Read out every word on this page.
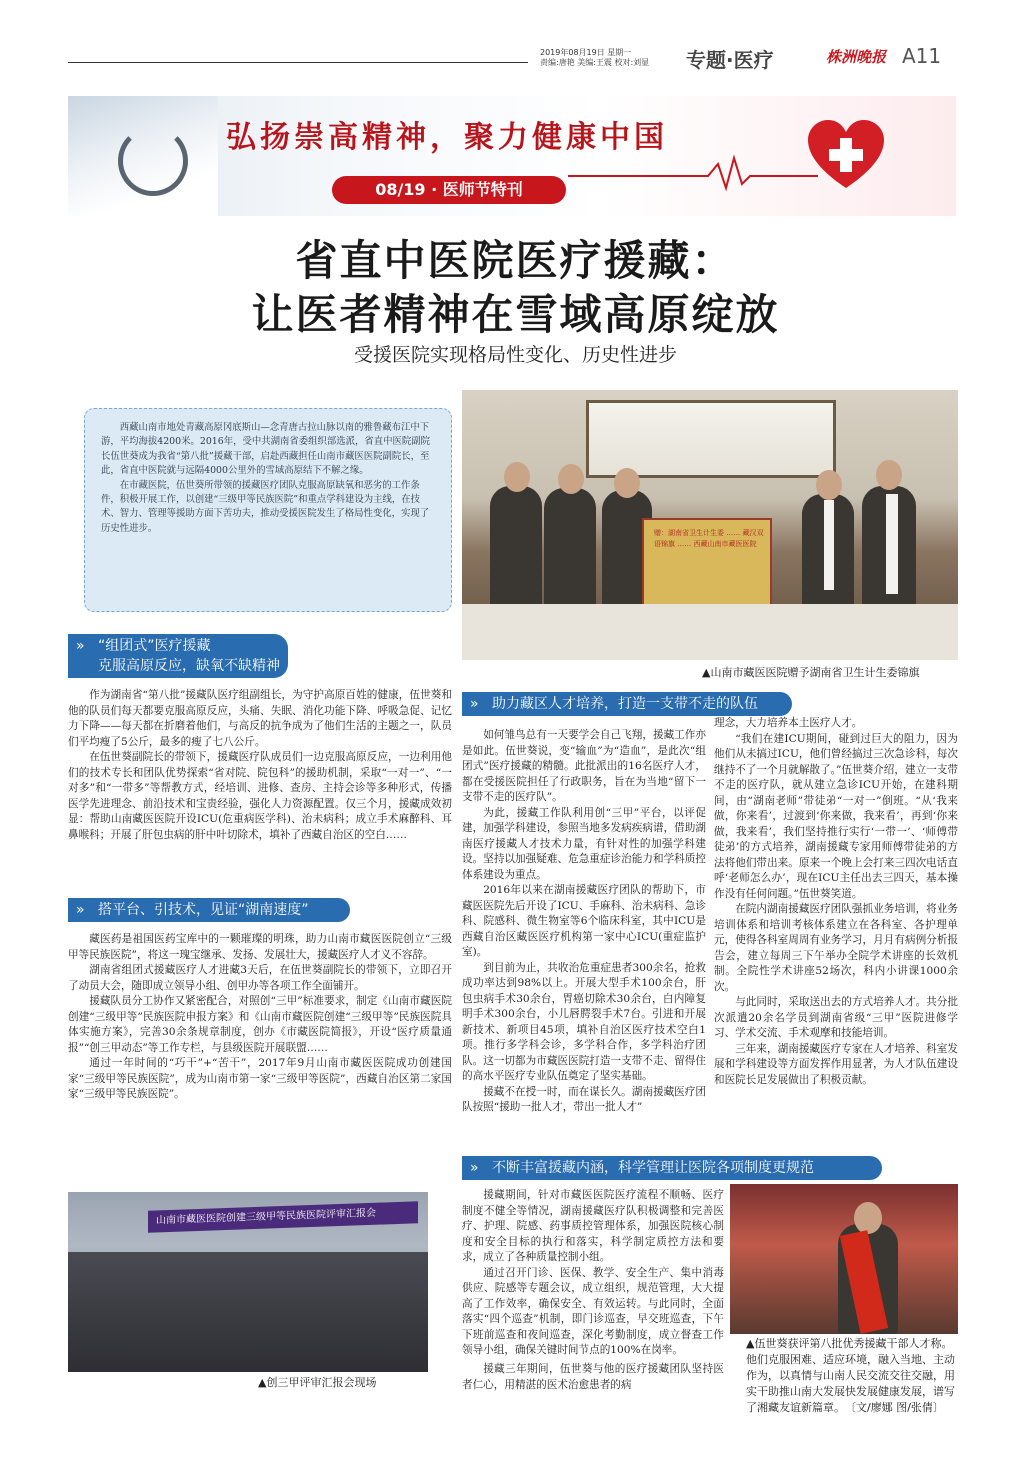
2019年08月19日 星期一
责编:唐艳 美编:王震 校对:刘显	专题·医疗	株洲晚报 A11
弘扬崇高精神，聚力健康中国
08/19 · 医师节特刊
省直中医院医疗援藏：
让医者精神在雪域高原绽放
受援医院实现格局性变化、历史性进步

西藏山南市地处青藏高原冈底斯山—念青唐古拉山脉以南的雅鲁藏布江中下游，平均海拔4200米。2016年，受中共湖南省委组织部选派，省直中医院副院长伍世葵成为我省“第八批”援藏干部，启赴西藏担任山南市藏医医院副院长，至此，省直中医院就与远隔4000公里外的雪域高原结下不解之缘。

在市藏医院，伍世葵所带领的援藏医疗团队克服高原缺氧和恶劣的工作条件，积极开展工作，以创建“三级甲等民族医院”和重点学科建设为主线，在技术、智力、管理等援助方面下苦功夫，推动受援医院发生了格局性变化，实现了历史性进步。	赠：湖南省卫生计生委 …… 藏汉双语锦旗 …… 西藏山南市藏医医院
▲山南市藏医医院赠予湖南省卫生计生委锦旗
» “组团式”医疗援藏
克服高原反应，缺氧不缺精神

作为湖南省“第八批”援藏队医疗组副组长，为守护高原百姓的健康，伍世葵和他的队员们每天都要克服高原反应，头痛、失眠、消化功能下降、呼吸急促、记忆力下降——每天都在折磨着他们，与高反的抗争成为了他们生活的主题之一，队员们平均瘦了5公斤，最多的瘦了七八公斤。

在伍世葵副院长的带领下，援藏医疗队成员们一边克服高原反应，一边利用他们的技术专长和团队优势探索“省对院、院包科”的援助机制，采取“一对一”、“一对多”和“一带多”等帮教方式，经培训、进修、查房、主持会诊等多种形式，传播医学先进理念、前沿技术和宝贵经验，强化人力资源配置。仅三个月，援藏成效初显：帮助山南藏医医院开设ICU(危重病医学科)、治未病科；成立手术麻醉科、耳鼻喉科；开展了肝包虫病的肝中叶切除术，填补了西藏自治区的空白……

» 搭平台、引技术，见证“湖南速度”

藏医药是祖国医药宝库中的一颗璀璨的明珠，助力山南市藏医医院创立“三级甲等民族医院”，将这一瑰宝继承、发扬、发展壮大，援藏医疗人才义不容辞。

湖南省组团式援藏医疗人才进藏3天后，在伍世葵副院长的带领下，立即召开了动员大会，随即成立领导小组、创甲办等各项工作全面铺开。

援藏队员分工协作又紧密配合，对照创“三甲”标准要求，制定《山南市藏医院创建“三级甲等”民族医院申报方案》和《山南市藏医院创建“三级甲等”民族医院具体实施方案》，完善30余条规章制度，创办《市藏医院简报》，开设“医疗质量通报”“创三甲动态”等工作专栏，与县级医院开展联盟……

通过一年时间的“巧干”+“苦干”，2017年9月山南市藏医医院成功创建国家“三级甲等民族医院”，成为山南市第一家“三级甲等医院”，西藏自治区第二家国家“三级甲等民族医院”。

» 助力藏区人才培养，打造一支带不走的队伍

如何雏鸟总有一天要学会自己飞翔，援藏工作亦是如此。伍世葵说，变“输血”为“造血”，是此次“组团式”医疗援藏的精髓。此批派出的16名医疗人才，都在受援医院担任了行政职务，旨在为当地“留下一支带不走的医疗队”。

为此，援藏工作队利用创“三甲”平台，以评促建，加强学科建设，参照当地多发病疾病谱，借助湖南医疗援藏人才技术力量，有针对性的加强学科建设。坚持以加强疑难、危急重症诊治能力和学科质控体系建设为重点。

2016年以来在湖南援藏医疗团队的帮助下，市藏医医院先后开设了ICU、手麻科、治未病科、急诊科、院感科、微生物室等6个临床科室，其中ICU是西藏自治区藏医医疗机构第一家中心ICU(重症监护室)。

到目前为止，共收治危重症患者300余名，抢救成功率达到98%以上。开展大型手术100余台，肝包虫病手术30余台，胃癌切除术30余台，白内障复明手术300余台，小儿唇腭裂手术7台。引进和开展新技术、新项目45项，填补自治区医疗技术空白1项。推行多学科会诊，多学科合作，多学科治疗团队。这一切都为市藏医医院打造一支带不走、留得住的高水平医疗专业队伍奠定了坚实基础。

援藏不在授一时，而在谋长久。湖南援藏医疗团队按照“援助一批人才，带出一批人才”

理念，大力培养本土医疗人才。

“我们在建ICU期间，碰到过巨大的阻力，因为他们从未搞过ICU，他们曾经搞过三次急诊科，每次继持不了一个月就解散了。”伍世葵介绍，建立一支带不走的医疗队，就从建立急诊ICU开始，在建科期间，由“湖南老师”带徒弟“一对一”倒班。“从‘我来做，你来看’，过渡到‘你来做，我来看’，再到‘你来做，我来看’，我们坚持推行实行‘一带一’、‘师傅带徒弟’的方式培养，湖南援藏专家用师傅带徒弟的方法将他们带出来。原来一个晚上会打来三四次电话直呼‘老师怎么办’，现在ICU主任出去三四天，基本操作没有任何问题。”伍世葵笑道。

在院内湖南援藏医疗团队强抓业务培训，将业务培训体系和培训考核体系建立在各科室、各护理单元，使得各科室周周有业务学习，月月有病例分析报告会，建立每周三下午举办全院学术讲座的长效机制。全院性学术讲座52场次，科内小讲课1000余次。

与此同时，采取送出去的方式培养人才。共分批次派遣20余名学员到湖南省级“三甲”医院进修学习、学术交流、手术观摩和技能培训。

三年来，湖南援藏医疗专家在人才培养、科室发展和学科建设等方面发挥作用显著，为人才队伍建设和医院长足发展做出了积极贡献。

» 不断丰富援藏内涵，科学管理让医院各项制度更规范

援藏期间，针对市藏医医院医疗流程不顺畅、医疗制度不健全等情况，湖南援藏医疗队积极调整和完善医疗、护理、院感、药事质控管理体系，加强医院核心制度和安全目标的执行和落实，科学制定质控方法和要求，成立了各种质量控制小组。

通过召开门诊、医保、教学、安全生产、集中消毒供应、院感等专题会议，成立组织，规范管理，大大提高了工作效率，确保安全、有效运转。与此同时，全面落实“四个巡查”机制，即门诊巡查，早交班巡查，下午下班前巡查和夜间巡查，深化考勤制度，成立督查工作领导小组，确保关键时间节点的100%在岗率。

援藏三年期间，伍世葵与他的医疗援藏团队坚持医者仁心，用精湛的医术治愈患者的病

山南市藏医医院创建三级甲等民族医院评审汇报会
▲创三甲评审汇报会现场
▲伍世葵获评第八批优秀援藏干部人才称。他们克服困难、适应环境，融入当地、主动作为，以真情与山南人民交流交往交融，用实干助推山南大发展快发展健康发展，谱写了湘藏友谊新篇章。　〔文/廖娜 图/张倩〕
